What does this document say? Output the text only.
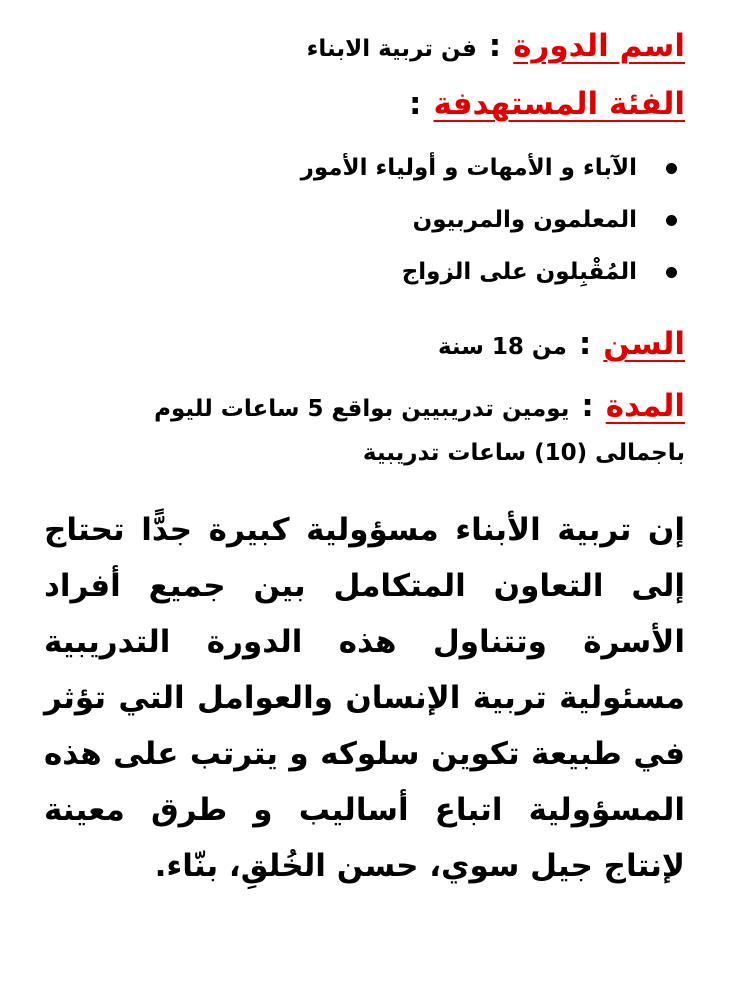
اسم الدورة
:
فن تربية الابناء
الفئة المستهدفة
:
الآباء و الأمهات و أولياء الأمور
المعلمون والمربيون
المُقْبِلون على الزواج
السن
:
من 18 سنة
المدة
:
يومين تدريبيين بواقع 5 ساعات لليوم
باجمالى (10) ساعات تدريبية

إن تربية الأبناء مسؤولية كبيرة جدًّا تحتاج إلى التعاون المتكامل بين جميع أفراد الأسرة وتتناول هذه الدورة التدريبية مسئولية تربية الإنسان والعوامل التي تؤثر في طبيعة تكوين سلوكه و يترتب على هذه المسؤولية اتباع أساليب و طرق معينة لإنتاج جيل سوي، حسن الخُلقِ، بنّاء.
